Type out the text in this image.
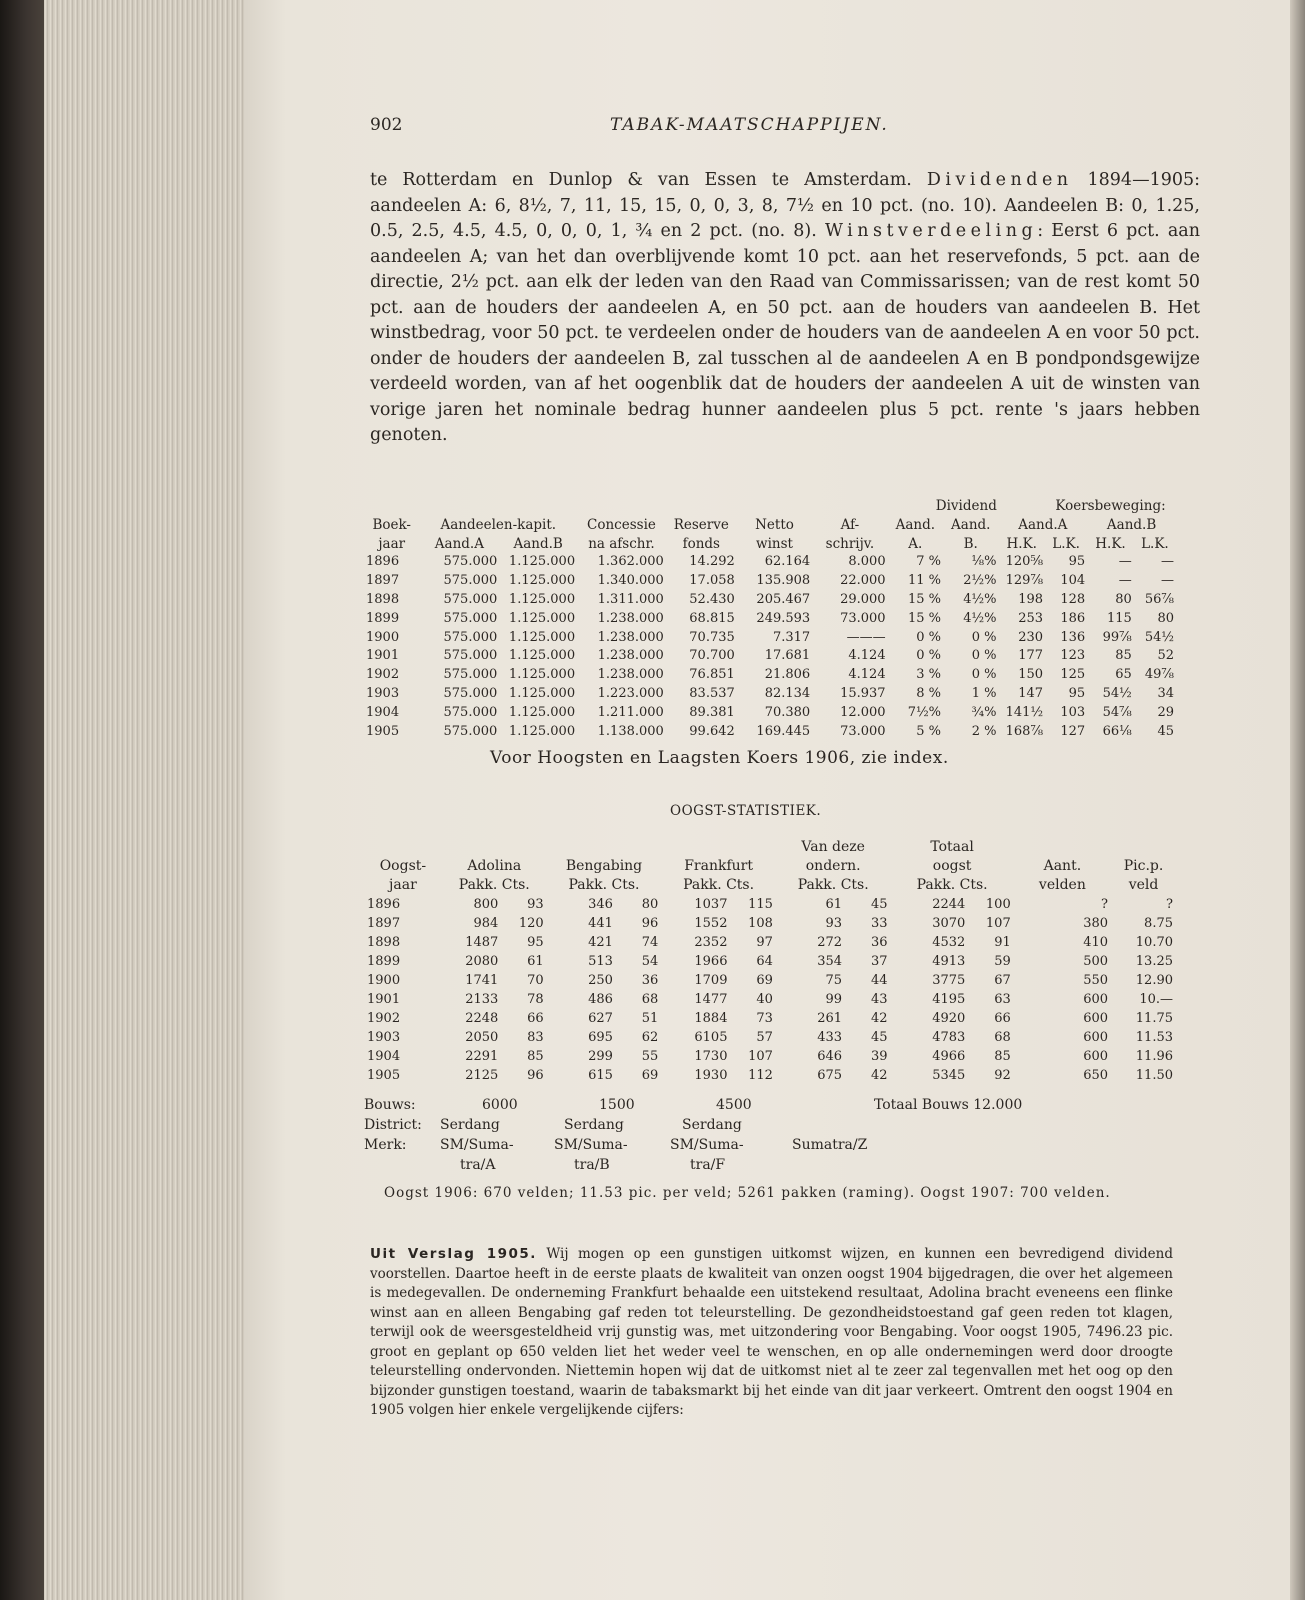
902	TABAK-MAATSCHAPPIJEN.
te Rotterdam en Dunlop & van Essen te Amsterdam. Dividenden 1894—1905: aandeelen A: 6, 8½, 7, 11, 15, 15, 0, 0, 3, 8, 7½ en 10 pct. (no. 10). Aandeelen B: 0, 1.25, 0.5, 2.5, 4.5, 4.5, 0, 0, 0, 1, ¾ en 2 pct. (no. 8). Winstverdeeling: Eerst 6 pct. aan aandeelen A; van het dan overblijvende komt 10 pct. aan het reservefonds, 5 pct. aan de directie, 2½ pct. aan elk der leden van den Raad van Commissarissen; van de rest komt 50 pct. aan de houders der aandeelen A, en 50 pct. aan de houders van aandeelen B. Het winstbedrag, voor 50 pct. te verdeelen onder de houders van de aandeelen A en voor 50 pct. onder de houders der aandeelen B, zal tusschen al de aandeelen A en B pondpondsgewijze verdeeld worden, van af het oogenblik dat de houders der aandeelen A uit de winsten van vorige jaren het nominale bedrag hunner aandeelen plus 5 pct. rente 's jaars hebben genoten.
							Dividend			Koersbeweging:		
Boek-	Aandeelen-kapit.		Concessie	Reserve	Netto	Af-	Aand.	Aand.	Aand.A		Aand.B	
jaar	Aand.A	Aand.B	na afschr.	fonds	winst	schrijv.	A.	B.	H.K.	L.K.	H.K.	L.K.
1896	575.000	1.125.000	1.362.000	14.292	62.164	8.000	7 %	⅛%	120⅝	95	—	—
1897	575.000	1.125.000	1.340.000	17.058	135.908	22.000	11 %	2½%	129⅞	104	—	—
1898	575.000	1.125.000	1.311.000	52.430	205.467	29.000	15 %	4½%	198	128	80	56⅞
1899	575.000	1.125.000	1.238.000	68.815	249.593	73.000	15 %	4½%	253	186	115	80
1900	575.000	1.125.000	1.238.000	70.735	7.317	———	0 %	0 %	230	136	99⅞	54½
1901	575.000	1.125.000	1.238.000	70.700	17.681	4.124	0 %	0 %	177	123	85	52
1902	575.000	1.125.000	1.238.000	76.851	21.806	4.124	3 %	0 %	150	125	65	49⅞
1903	575.000	1.125.000	1.223.000	83.537	82.134	15.937	8 %	1 %	147	95	54½	34
1904	575.000	1.125.000	1.211.000	89.381	70.380	12.000	7½%	¾%	141½	103	54⅞	29
1905	575.000	1.125.000	1.138.000	99.642	169.445	73.000	5 %	2 %	168⅞	127	66⅛	45
Voor Hoogsten en Laagsten Koers 1906, zie index.
OOGST-STATISTIEK.
							Van deze		Totaal			
Oogst-	Adolina		Bengabing		Frankfurt		ondern.		oogst		Aant.	Pic.p.
jaar	Pakk. Cts.		Pakk. Cts.		Pakk. Cts.		Pakk. Cts.		Pakk. Cts.		velden	veld
1896	800	93	346	80	1037	115	61	45	2244	100	?	?
1897	984	120	441	96	1552	108	93	33	3070	107	380	8.75
1898	1487	95	421	74	2352	97	272	36	4532	91	410	10.70
1899	2080	61	513	54	1966	64	354	37	4913	59	500	13.25
1900	1741	70	250	36	1709	69	75	44	3775	67	550	12.90
1901	2133	78	486	68	1477	40	99	43	4195	63	600	10.—
1902	2248	66	627	51	1884	73	261	42	4920	66	600	11.75
1903	2050	83	695	62	6105	57	433	45	4783	68	600	11.53
1904	2291	85	299	55	1730	107	646	39	4966	85	600	11.96
1905	2125	96	615	69	1930	112	675	42	5345	92	650	11.50
Bouws:	6000	1500	4500	Totaal Bouws 12.000
District: Serdang	Serdang	Serdang
Merk: SM/Suma-	SM/Suma-	SM/Suma-	Sumatra/Z
tra/A	tra/B	tra/F
Oogst 1906: 670 velden; 11.53 pic. per veld; 5261 pakken (raming). Oogst 1907: 700 velden.
Uit Verslag 1905. Wij mogen op een gunstigen uitkomst wijzen, en kunnen een bevredigend dividend voorstellen. Daartoe heeft in de eerste plaats de kwaliteit van onzen oogst 1904 bijgedragen, die over het algemeen is medegevallen. De onderneming Frankfurt behaalde een uitstekend resultaat, Adolina bracht eveneens een flinke winst aan en alleen Bengabing gaf reden tot teleurstelling. De gezondheidstoestand gaf geen reden tot klagen, terwijl ook de weersgesteldheid vrij gunstig was, met uitzondering voor Bengabing. Voor oogst 1905, 7496.23 pic. groot en geplant op 650 velden liet het weder veel te wenschen, en op alle ondernemingen werd door droogte teleurstelling ondervonden. Niettemin hopen wij dat de uitkomst niet al te zeer zal tegenvallen met het oog op den bijzonder gunstigen toestand, waarin de tabaksmarkt bij het einde van dit jaar verkeert. Omtrent den oogst 1904 en 1905 volgen hier enkele vergelijkende cijfers:
